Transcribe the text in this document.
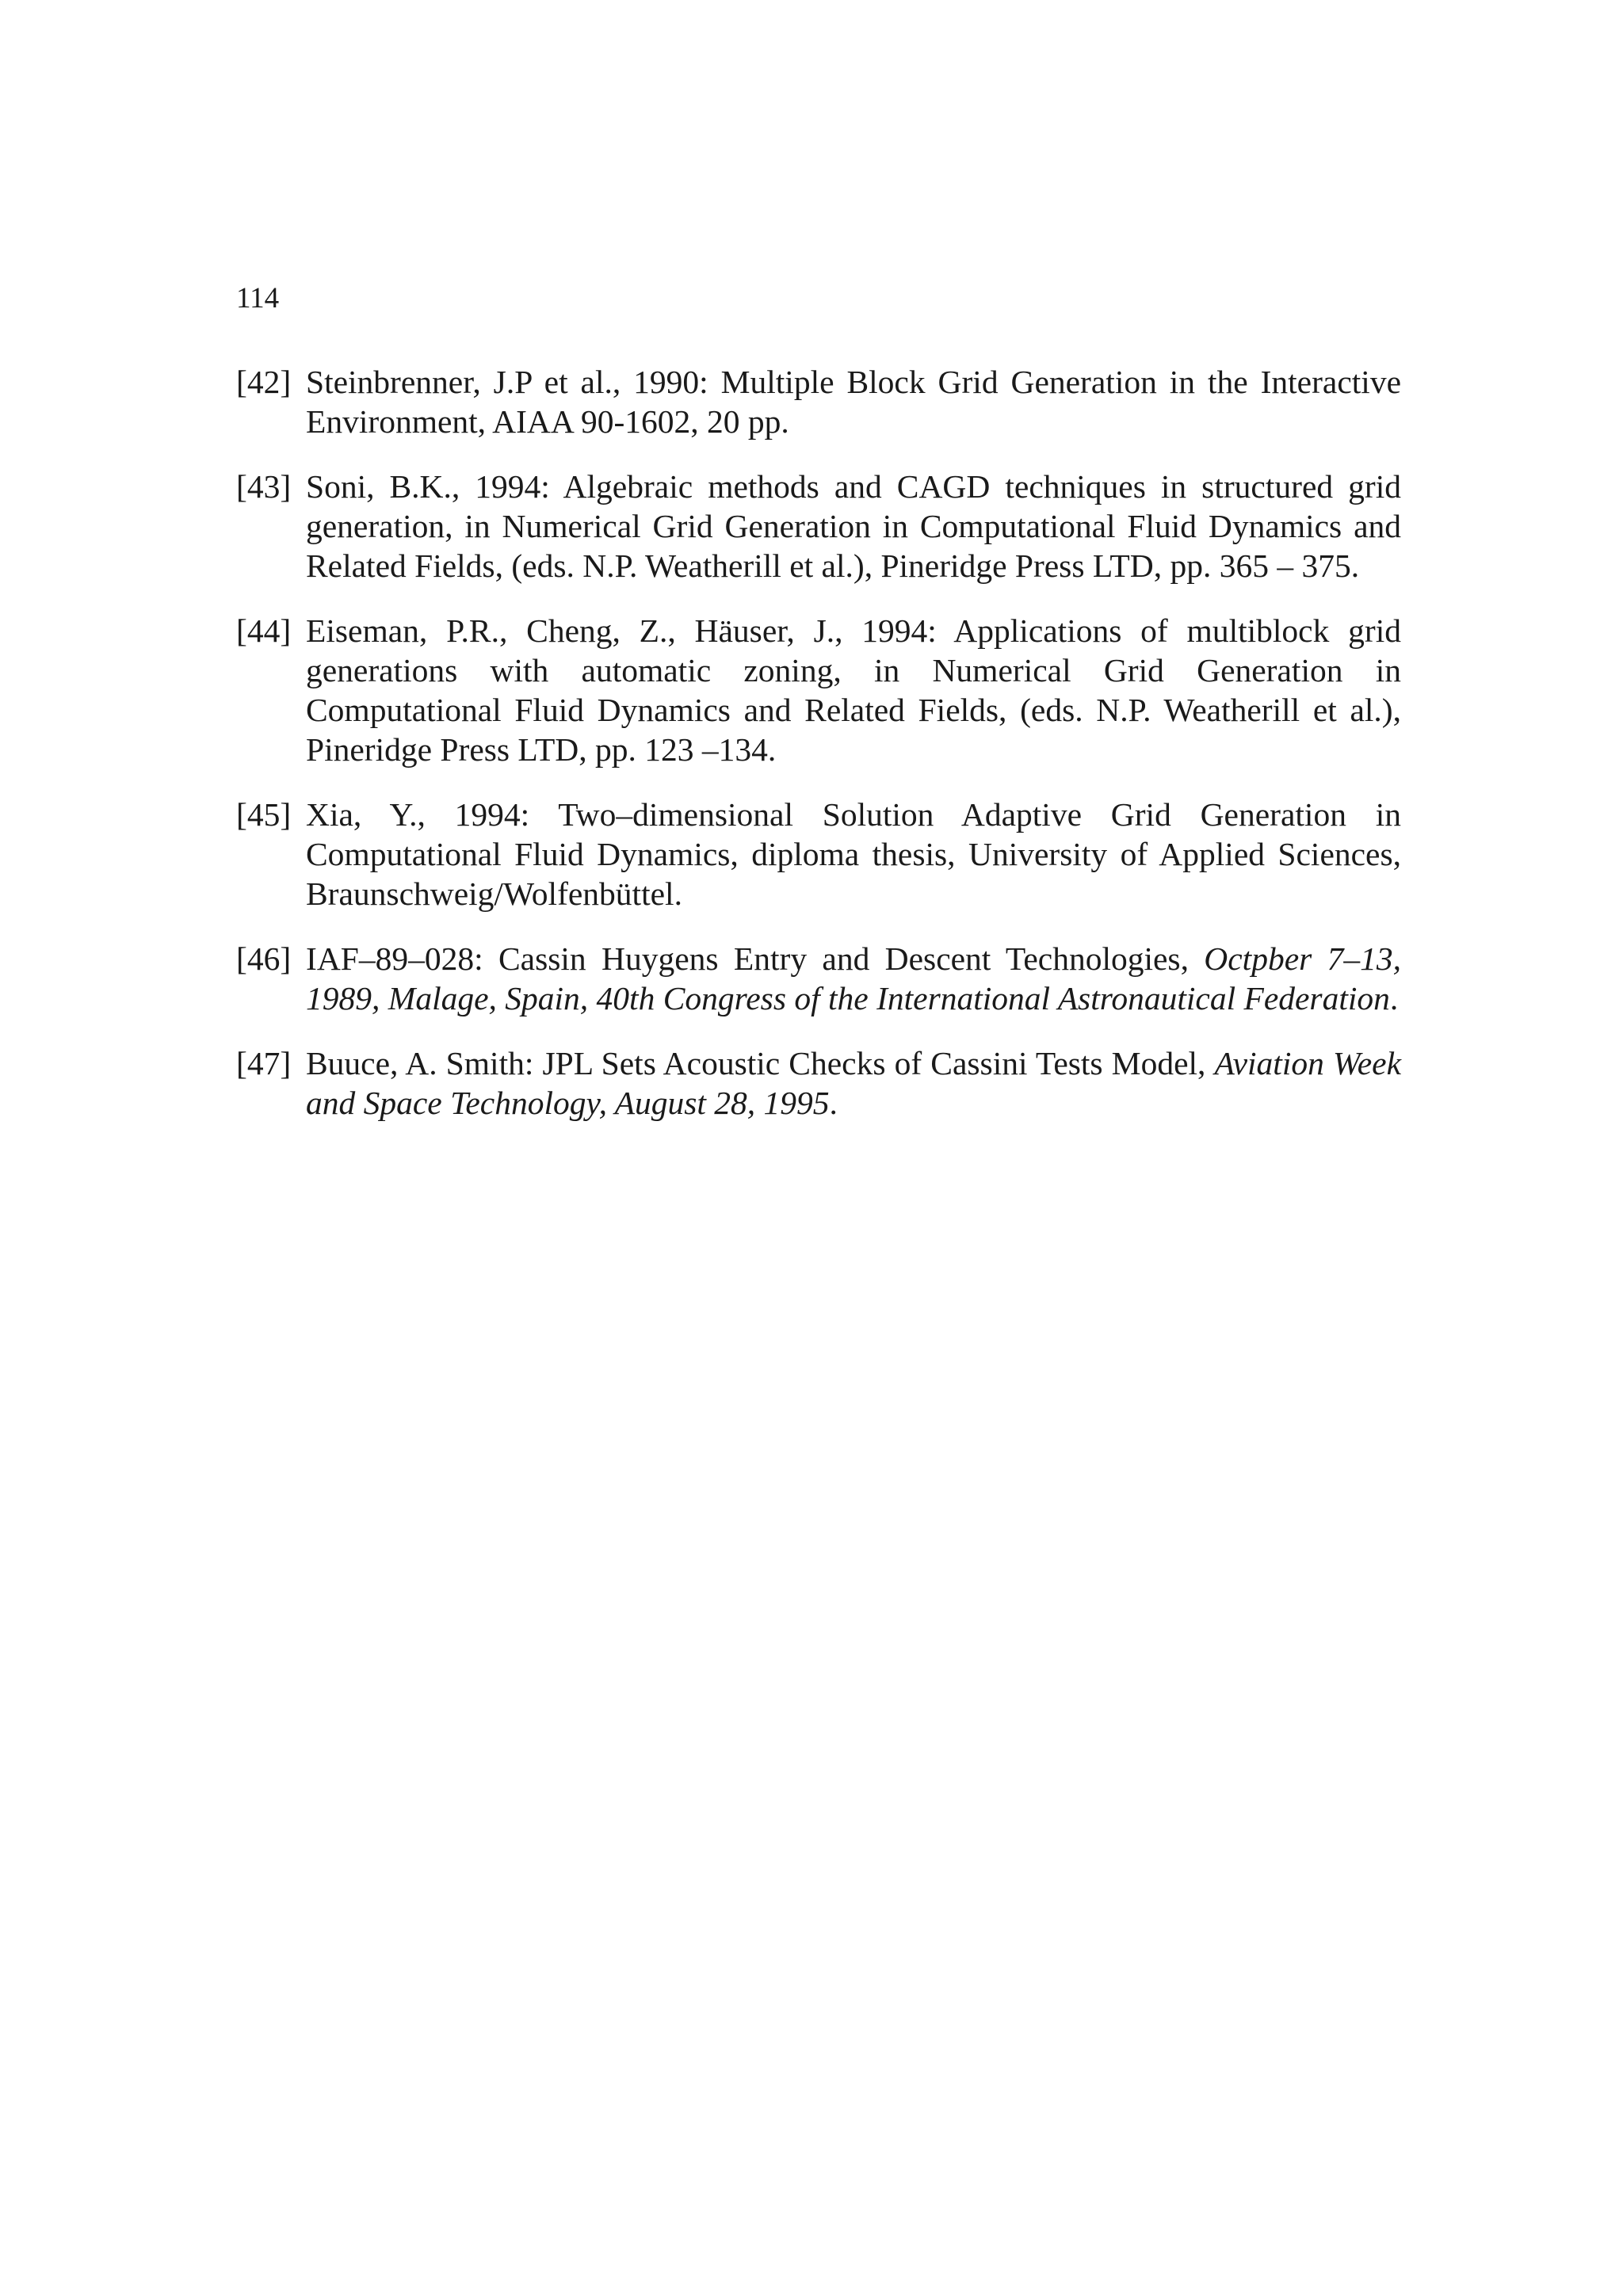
114
[42] Steinbrenner, J.P et al., 1990: Multiple Block Grid Generation in the Interactive Environment, AIAA 90-1602, 20 pp.
[43] Soni, B.K., 1994: Algebraic methods and CAGD techniques in structured grid generation, in Numerical Grid Generation in Computational Fluid Dynamics and Related Fields, (eds. N.P. Weatherill et al.), Pineridge Press LTD, pp. 365 – 375.
[44] Eiseman, P.R., Cheng, Z., Häuser, J., 1994: Applications of multiblock grid generations with automatic zoning, in Numerical Grid Generation in Computational Fluid Dynamics and Related Fields, (eds. N.P. Weatherill et al.), Pineridge Press LTD, pp. 123 –134.
[45] Xia, Y., 1994: Two–dimensional Solution Adaptive Grid Generation in Computational Fluid Dynamics, diploma thesis, University of Applied Sciences, Braunschweig/Wolfenbüttel.
[46] IAF–89–028: Cassin Huygens Entry and Descent Technologies, Octpber 7–13, 1989, Malage, Spain, 40th Congress of the International Astronautical Federation.
[47] Buuce, A. Smith: JPL Sets Acoustic Checks of Cassini Tests Model, Aviation Week and Space Technology, August 28, 1995.
